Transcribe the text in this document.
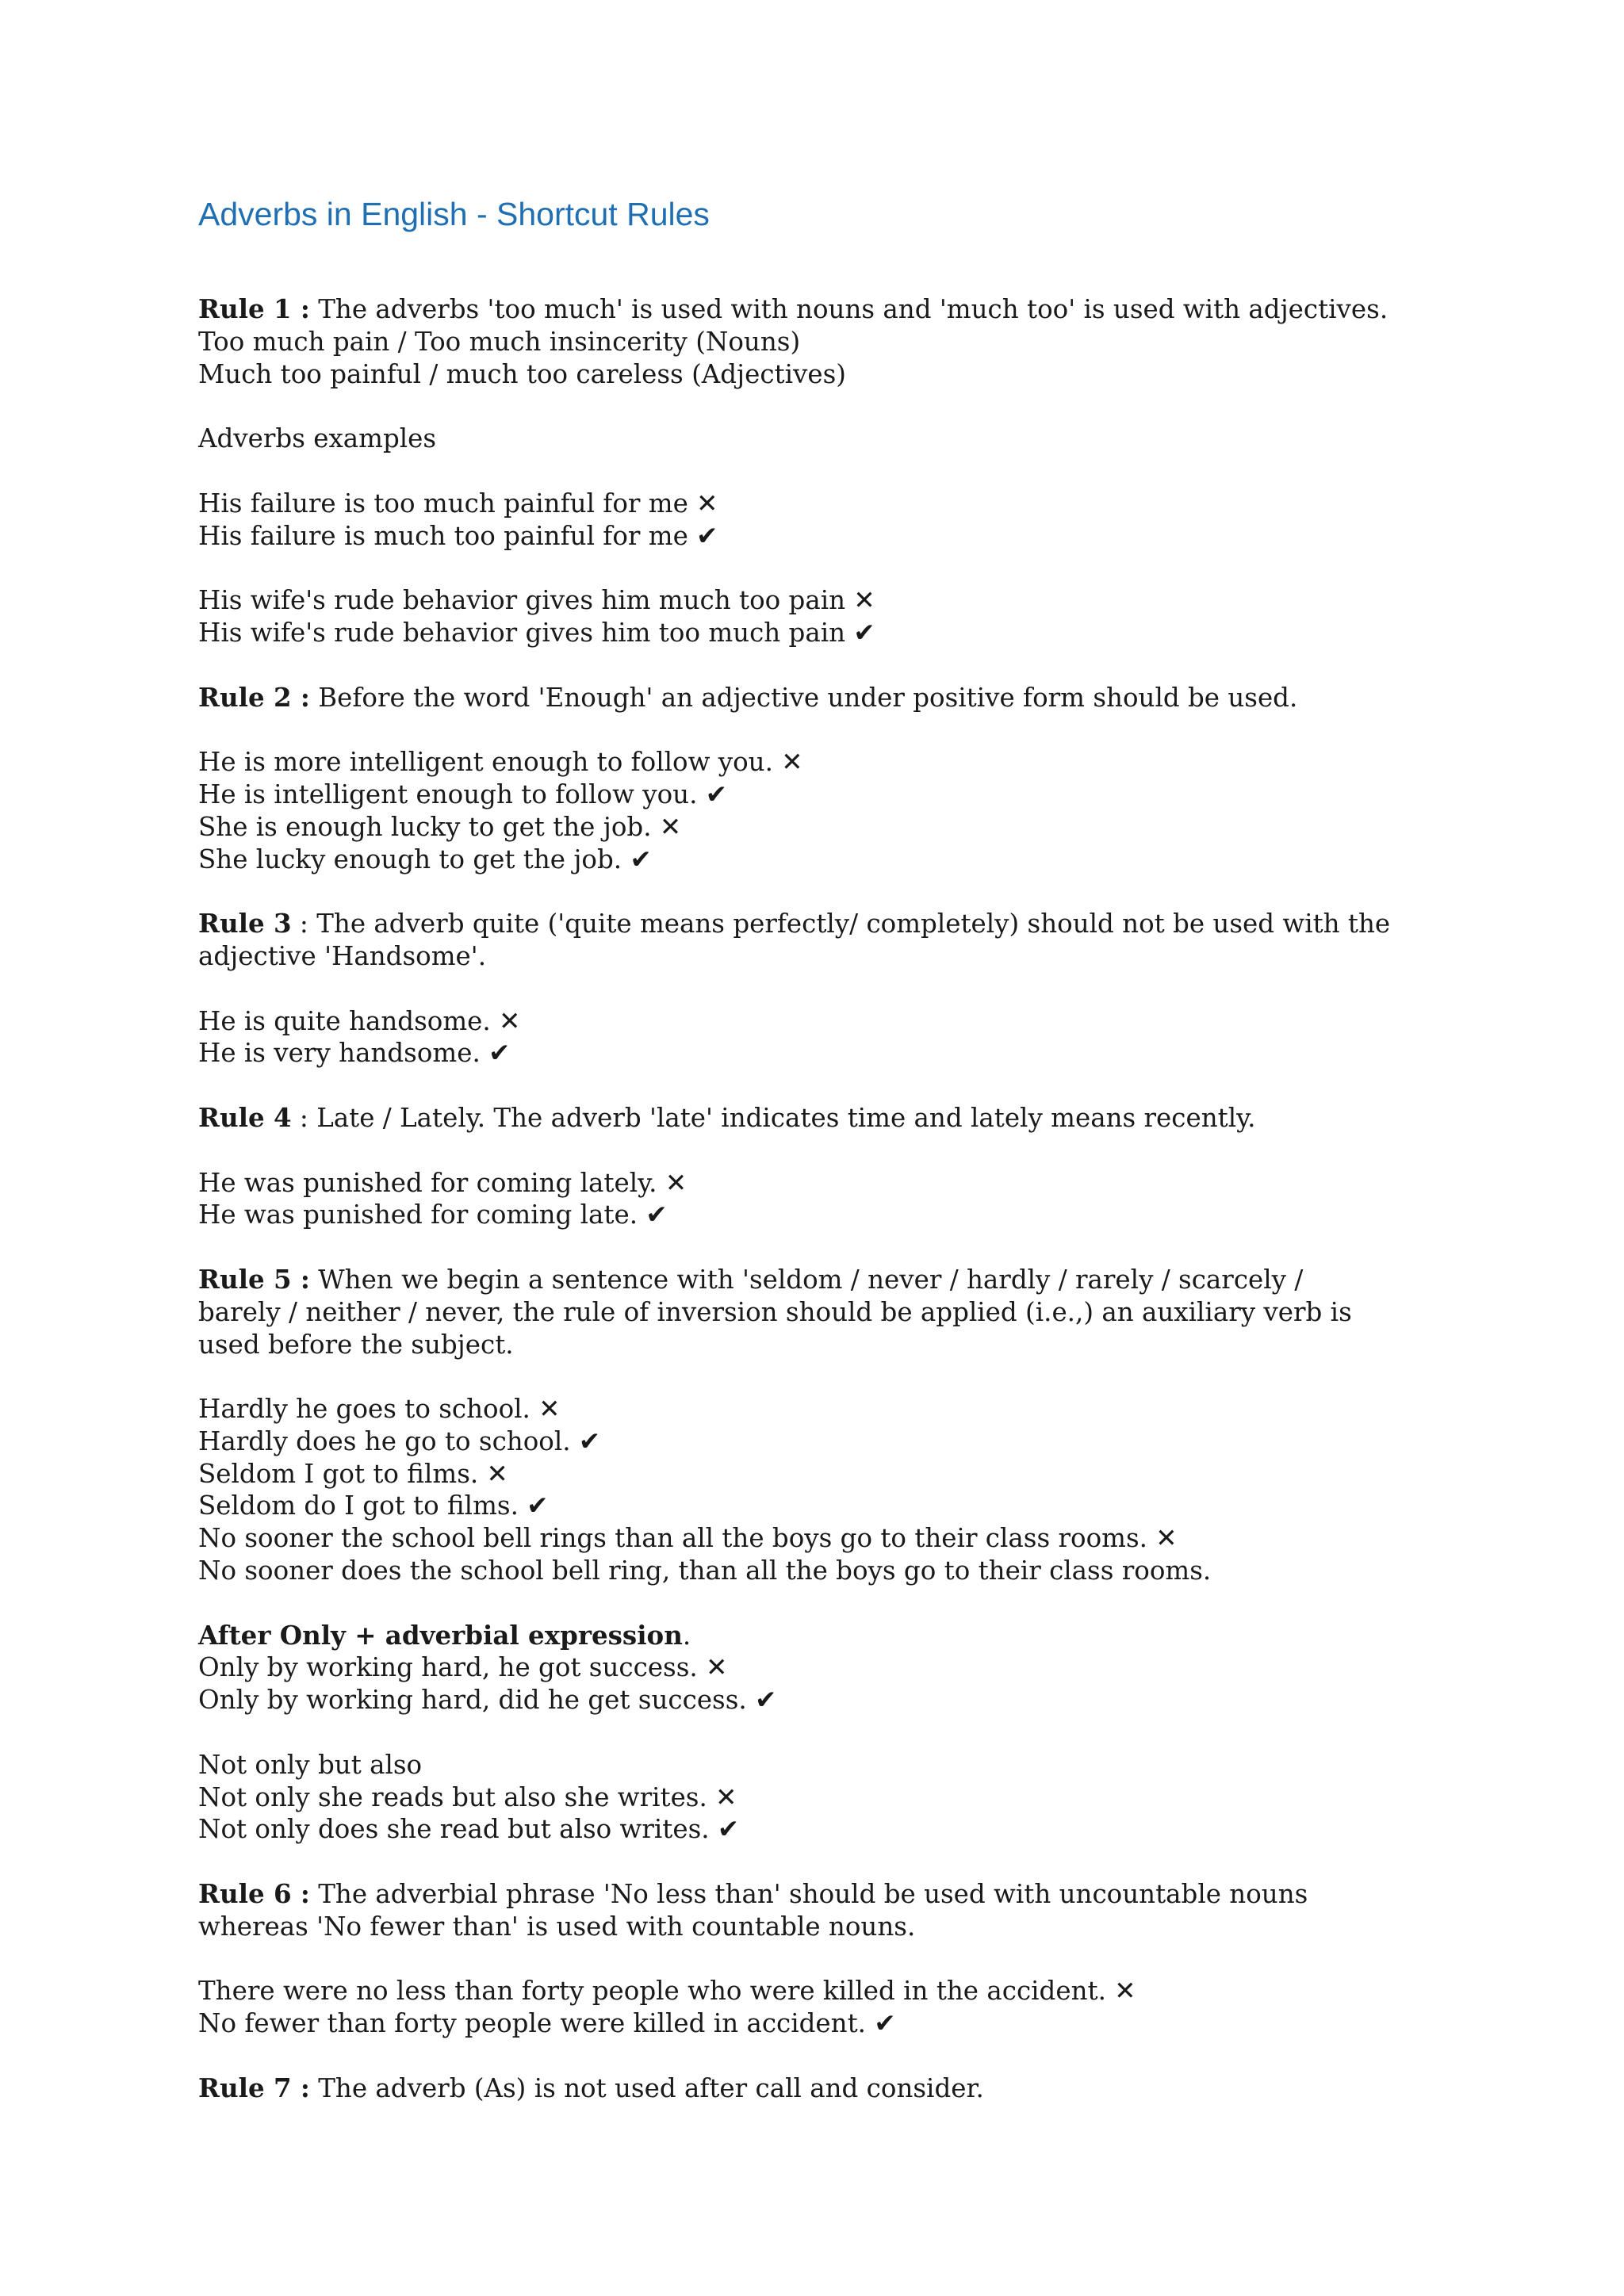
Adverbs in English - Shortcut Rules
Rule 1 : The adverbs 'too much' is used with nouns and 'much too' is used with adjectives.
Too much pain / Too much insincerity (Nouns)
Much too painful / much too careless (Adjectives)
Adverbs examples
His failure is too much painful for me ✕
His failure is much too painful for me ✔
His wife's rude behavior gives him much too pain ✕
His wife's rude behavior gives him too much pain ✔
Rule 2 : Before the word 'Enough' an adjective under positive form should be used.
He is more intelligent enough to follow you. ✕
He is intelligent enough to follow you. ✔
She is enough lucky to get the job. ✕
She lucky enough to get the job. ✔
Rule 3 : The adverb quite ('quite means perfectly/ completely) should not be used with the
adjective 'Handsome'.
He is quite handsome. ✕
He is very handsome. ✔
Rule 4 : Late / Lately. The adverb 'late' indicates time and lately means recently.
He was punished for coming lately. ✕
He was punished for coming late. ✔
Rule 5 : When we begin a sentence with 'seldom / never / hardly / rarely / scarcely /
barely / neither / never, the rule of inversion should be applied (i.e.,) an auxiliary verb is
used before the subject.
Hardly he goes to school. ✕
Hardly does he go to school. ✔
Seldom I got to films. ✕
Seldom do I got to films. ✔
No sooner the school bell rings than all the boys go to their class rooms. ✕
No sooner does the school bell ring, than all the boys go to their class rooms.
After Only + adverbial expression.
Only by working hard, he got success. ✕
Only by working hard, did he get success. ✔
Not only but also
Not only she reads but also she writes. ✕
Not only does she read but also writes. ✔
Rule 6 : The adverbial phrase 'No less than' should be used with uncountable nouns
whereas 'No fewer than' is used with countable nouns.
There were no less than forty people who were killed in the accident. ✕
No fewer than forty people were killed in accident. ✔
Rule 7 : The adverb (As) is not used after call and consider.
